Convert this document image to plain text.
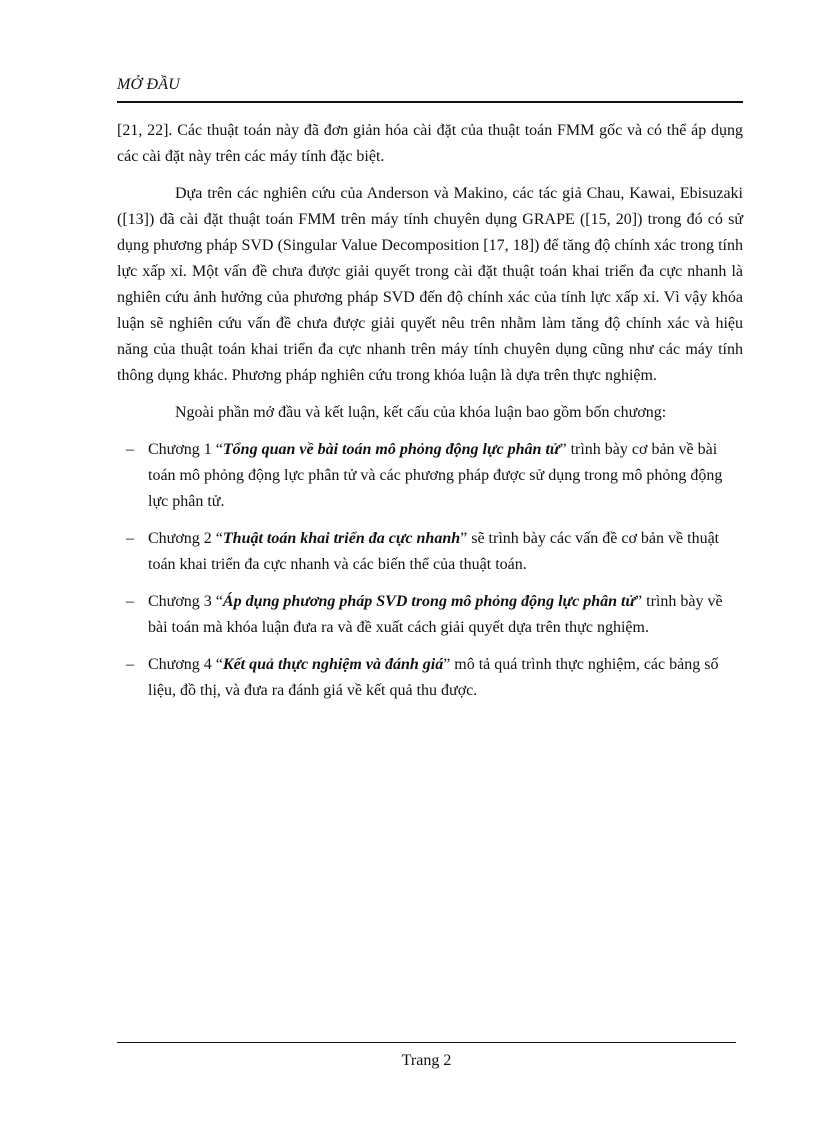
MỞ ĐẦU

[21, 22]. Các thuật toán này đã đơn giản hóa cài đặt của thuật toán FMM gốc và có thể áp dụng các cài đặt này trên các máy tính đặc biệt.

Dựa trên các nghiên cứu của Anderson và Makino, các tác giả Chau, Kawai, Ebisuzaki ([13]) đã cài đặt thuật toán FMM trên máy tính chuyên dụng GRAPE ([15, 20]) trong đó có sử dụng phương pháp SVD (Singular Value Decomposition [17, 18]) để tăng độ chính xác trong tính lực xấp xỉ. Một vấn đề chưa được giải quyết trong cài đặt thuật toán khai triển đa cực nhanh là nghiên cứu ảnh hưởng của phương pháp SVD đến độ chính xác của tính lực xấp xỉ. Vì vậy khóa luận sẽ nghiên cứu vấn đề chưa được giải quyết nêu trên nhằm làm tăng độ chính xác và hiệu năng của thuật toán khai triển đa cực nhanh trên máy tính chuyên dụng cũng như các máy tính thông dụng khác. Phương pháp nghiên cứu trong khóa luận là dựa trên thực nghiệm.

Ngoài phần mở đầu và kết luận, kết cấu của khóa luận bao gồm bốn chương:

– Chương 1 “Tổng quan về bài toán mô phỏng động lực phân tử” trình bày cơ bản về bài toán mô phỏng động lực phân tử và các phương pháp được sử dụng trong mô phỏng động lực phân tử.
– Chương 2 “Thuật toán khai triển đa cực nhanh” sẽ trình bày các vấn đề cơ bản về thuật toán khai triển đa cực nhanh và các biến thể của thuật toán.
– Chương 3 “Áp dụng phương pháp SVD trong mô phỏng động lực phân tử” trình bày về bài toán mà khóa luận đưa ra và đề xuất cách giải quyết dựa trên thực nghiệm.
– Chương 4 “Kết quả thực nghiệm và đánh giá” mô tả quá trình thực nghiệm, các bảng số liệu, đồ thị, và đưa ra đánh giá về kết quả thu được.
Trang 2
